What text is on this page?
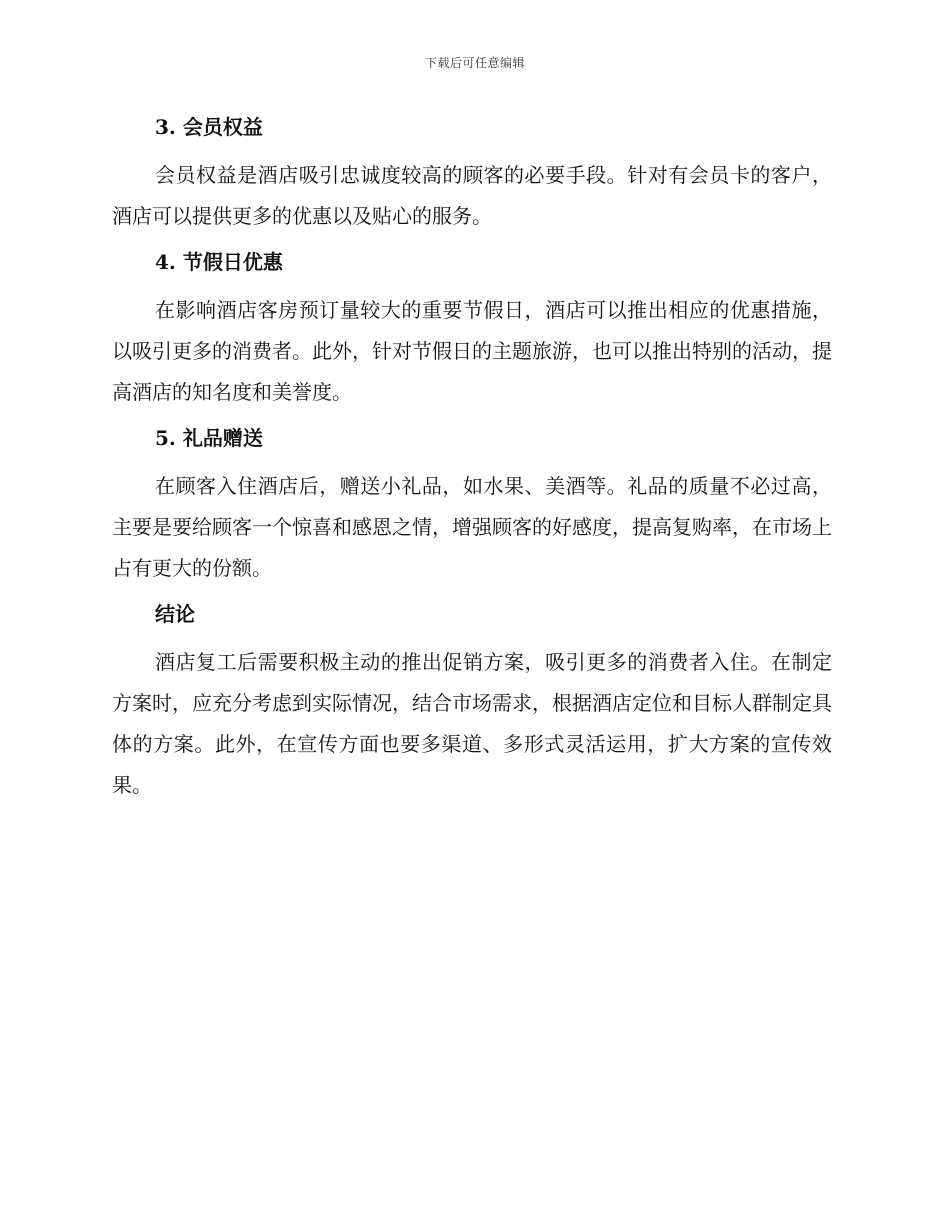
下载后可任意编辑
3. 会员权益

会员权益是酒店吸引忠诚度较高的顾客的必要手段。针对有会员卡的客户，酒店可以提供更多的优惠以及贴心的服务。

4. 节假日优惠

在影响酒店客房预订量较大的重要节假日，酒店可以推出相应的优惠措施，以吸引更多的消费者。此外，针对节假日的主题旅游，也可以推出特别的活动，提高酒店的知名度和美誉度。

5. 礼品赠送

在顾客入住酒店后，赠送小礼品，如水果、美酒等。礼品的质量不必过高，主要是要给顾客一个惊喜和感恩之情，增强顾客的好感度，提高复购率，在市场上占有更大的份额。

结论

酒店复工后需要积极主动的推出促销方案，吸引更多的消费者入住。在制定方案时，应充分考虑到实际情况，结合市场需求，根据酒店定位和目标人群制定具体的方案。此外，在宣传方面也要多渠道、多形式灵活运用，扩大方案的宣传效果。
